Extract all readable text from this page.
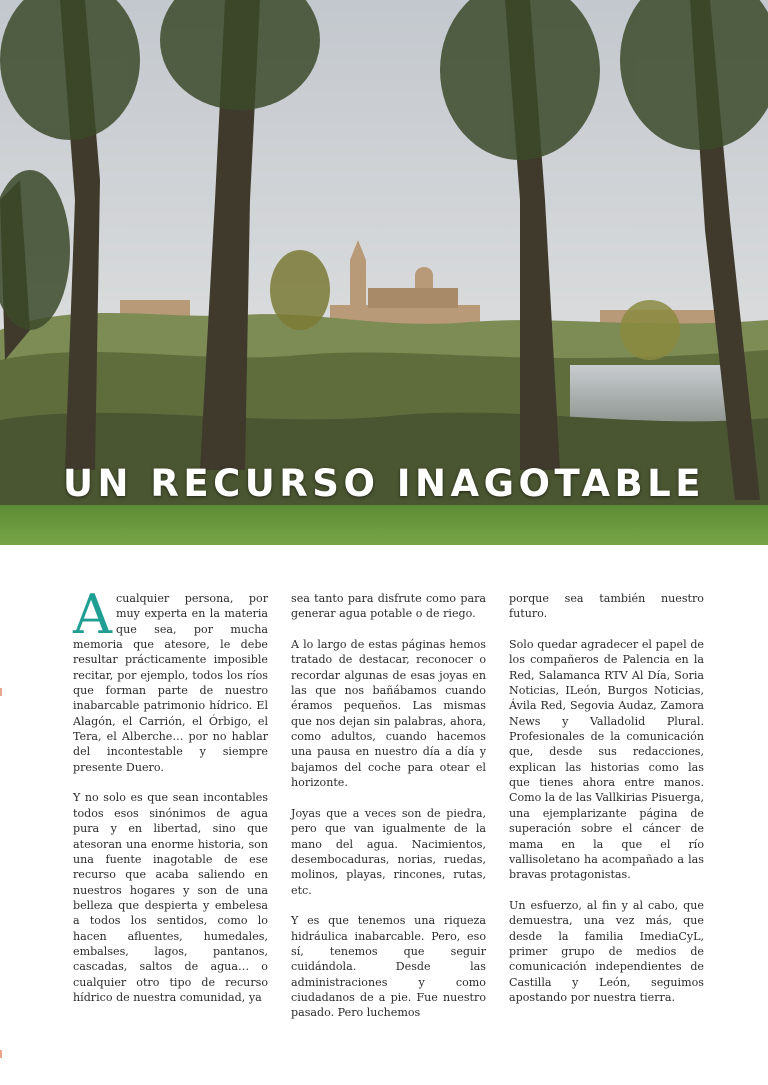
UN RECURSO INAGOTABLE

Acualquier persona, por muy experta en la materia que sea, por mucha memoria que atesore, le debe resultar prácticamente imposible recitar, por ejemplo, todos los ríos que forman parte de nuestro inabarcable patrimonio hídrico. El Alagón, el Carrión, el Órbigo, el Tera, el Alberche… por no hablar del incontestable y siempre presente Duero.

Y no solo es que sean incontables todos esos sinónimos de agua pura y en libertad, sino que atesoran una enorme historia, son una fuente inagotable de ese recurso que acaba saliendo en nuestros hogares y son de una belleza que despierta y embelesa a todos los sentidos, como lo hacen afluentes, humedales, embalses, lagos, pantanos, cascadas, saltos de agua… o cualquier otro tipo de recurso hídrico de nuestra comunidad, ya

sea tanto para disfrute como para generar agua potable o de riego.

A lo largo de estas páginas hemos tratado de destacar, reconocer o recordar algunas de esas joyas en las que nos bañábamos cuando éramos pequeños. Las mismas que nos dejan sin palabras, ahora, como adultos, cuando hacemos una pausa en nuestro día a día y bajamos del coche para otear el horizonte.

Joyas que a veces son de piedra, pero que van igualmente de la mano del agua. Nacimientos, desembocaduras, norias, ruedas, molinos, playas, rincones, rutas, etc.

Y es que tenemos una riqueza hidráulica inabarcable. Pero, eso sí, tenemos que seguir cuidándola. Desde las administraciones y como ciudadanos de a pie. Fue nuestro pasado. Pero luchemos

porque sea también nuestro futuro.

Solo quedar agradecer el papel de los compañeros de Palencia en la Red, Salamanca RTV Al Día, Soria Noticias, ILeón, Burgos Noticias, Ávila Red, Segovia Audaz, Zamora News y Valladolid Plural. Profesionales de la comunicación que, desde sus redacciones, explican las historias como las que tienes ahora entre manos. Como la de las Vallkirias Pisuerga, una ejemplarizante página de superación sobre el cáncer de mama en la que el río vallisoletano ha acompañado a las bravas protagonistas.

Un esfuerzo, al fin y al cabo, que demuestra, una vez más, que desde la familia ImediaCyL, primer grupo de medios de comunicación independientes de Castilla y León, seguimos apostando por nuestra tierra.
